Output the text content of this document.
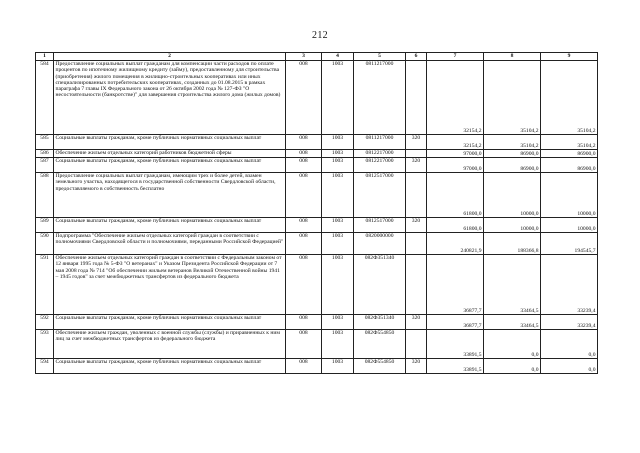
212
1	2	3	4	5	6	7	8	9
584	Предоставление социальных выплат гражданам для компенсации части расходов по оплате процентов по ипотечному жилищному кредиту (займу), предоставленному для строительства (приобретения) жилого помещения в жилищно-строительных кооперативах или иных специализированных потребительских кооперативах, созданных до 01.08.2015 в рамках параграфа 7 главы IX Федерального закона от 26 октября 2002 года № 127-ФЗ "О несостоятельности (банкротстве)" для завершения строительства жилого дома (жилых домов)	008	1003	0811217000		32154,2	35104,2	35104,2
585	Социальные выплаты гражданам, кроме публичных нормативных социальных выплат	008	1003	0811217000	320	32154,2	35104,2	35104,2
586	Обеспечение жильем отдельных категорий работников бюджетной сферы	008	1003	0812217000		97000,0	86900,0	86900,0
587	Социальные выплаты гражданам, кроме публичных нормативных социальных выплат	008	1003	0812217000	320	97000,0	86900,0	86900,0
588	Предоставление социальных выплат гражданам, имеющим трех и более детей, взамен земельного участка, находящегося в государственной собственности Свердловской области, предоставляемого в собственность бесплатно	008	1003	0812517000		61800,0	10000,0	10000,0
589	Социальные выплаты гражданам, кроме публичных нормативных социальных выплат	008	1003	0812517000	320	61800,0	10000,0	10000,0
590	Подпрограмма "Обеспечение жильем отдельных категорий граждан в соответствии с полномочиями Свердловской области и полномочиями, переданными Российской Федерацией"	008	1003	0820000000		240821,9	188366,8	194545,7
591	Обеспечение жильем отдельных категорий граждан в соответствии с Федеральным законом от 12 января 1995 года № 5-ФЗ "О ветеранах" и Указом Президента Российской Федерации от 7 мая 2008 года № 714 "Об обеспечении жильем ветеранов Великой Отечественной войны 1941 – 1945 годов" за счет межбюджетных трансфертов из федерального бюджета	008	1003	082Ф351340		36877,7	33464,5	33239,4
592	Социальные выплаты гражданам, кроме публичных нормативных социальных выплат	008	1003	082Ф351340	320	36877,7	33464,5	33239,4
593	Обеспечение жильем граждан, уволенных с военной службы (службы) и приравненных к ним лиц за счет межбюджетных трансфертов из федерального бюджета	008	1003	082Ф554850		33891,5	0,0	0,0
594	Социальные выплаты гражданам, кроме публичных нормативных социальных выплат	008	1003	082Ф554850	320	33891,5	0,0	0,0
